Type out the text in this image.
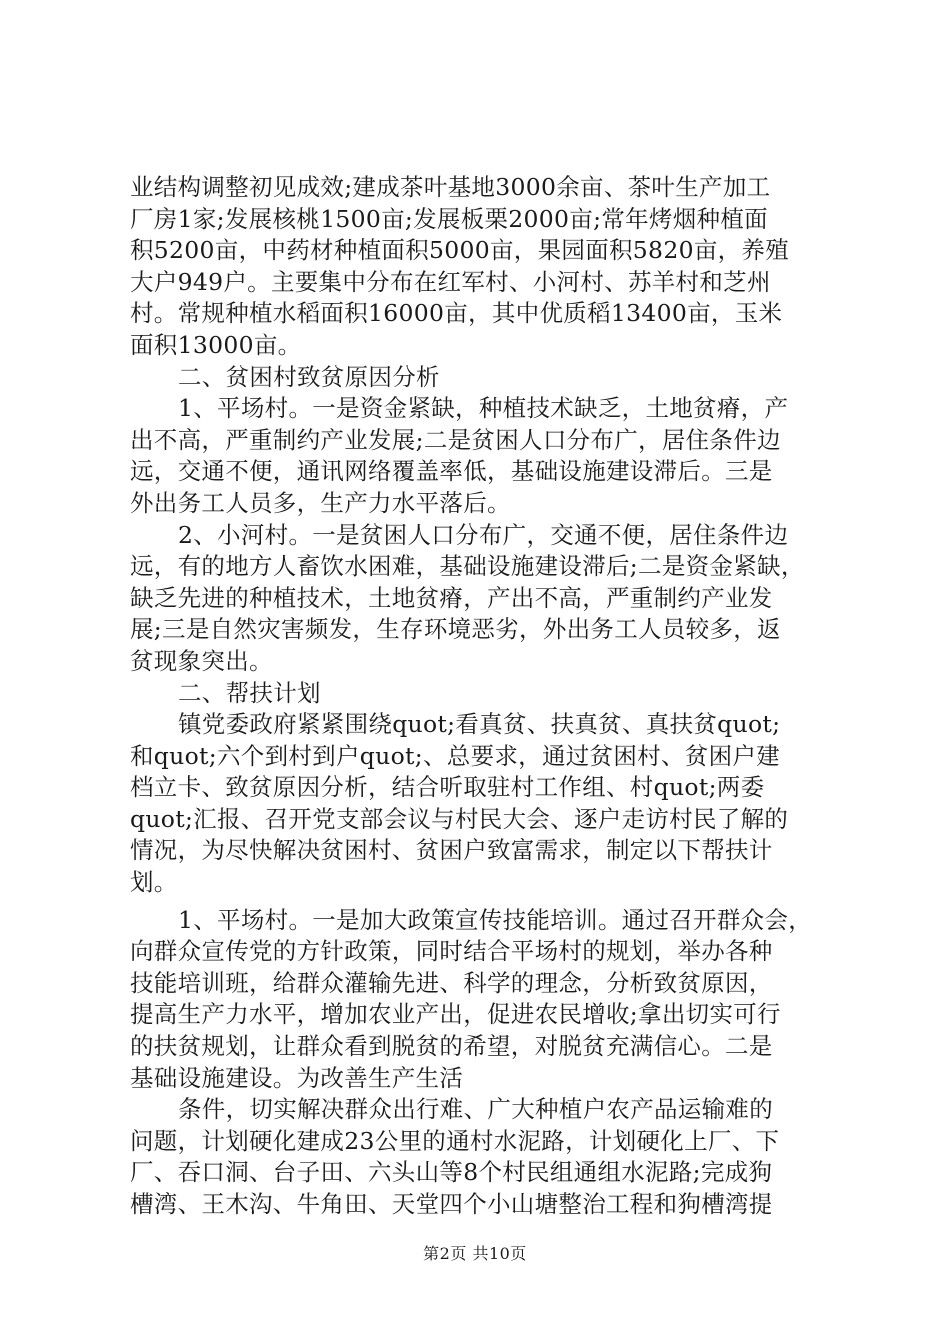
业结构调整初见成效;建成茶叶基地3000余亩、茶叶生产加工
厂房1家;发展核桃1500亩;发展板栗2000亩;常年烤烟种植面
积5200亩，中药材种植面积5000亩，果园面积5820亩，养殖
大户949户。主要集中分布在红军村、小河村、苏羊村和芝州
村。常规种植水稻面积16000亩，其中优质稻13400亩，玉米
面积13000亩。
二、贫困村致贫原因分析
1、平场村。一是资金紧缺，种植技术缺乏，土地贫瘠，产
出不高，严重制约产业发展;二是贫困人口分布广，居住条件边
远，交通不便，通讯网络覆盖率低，基础设施建设滞后。三是
外出务工人员多，生产力水平落后。
2、小河村。一是贫困人口分布广，交通不便，居住条件边
远，有的地方人畜饮水困难，基础设施建设滞后;二是资金紧缺，
缺乏先进的种植技术，土地贫瘠，产出不高，严重制约产业发
展;三是自然灾害频发，生存环境恶劣，外出务工人员较多，返
贫现象突出。
二、帮扶计划
镇党委政府紧紧围绕quot;看真贫、扶真贫、真扶贫quot;
和quot;六个到村到户quot;、总要求，通过贫困村、贫困户建
档立卡、致贫原因分析，结合听取驻村工作组、村quot;两委
quot;汇报、召开党支部会议与村民大会、逐户走访村民了解的
情况，为尽快解决贫困村、贫困户致富需求，制定以下帮扶计
划。
1、平场村。一是加大政策宣传技能培训。通过召开群众会，
向群众宣传党的方针政策，同时结合平场村的规划，举办各种
技能培训班，给群众灌输先进、科学的理念，分析致贫原因，
提高生产力水平，增加农业产出，促进农民增收;拿出切实可行
的扶贫规划，让群众看到脱贫的希望，对脱贫充满信心。二是
基础设施建设。为改善生产生活
条件，切实解决群众出行难、广大种植户农产品运输难的
问题，计划硬化建成23公里的通村水泥路，计划硬化上厂、下
厂、吞口洞、台子田、六头山等8个村民组通组水泥路;完成狗
槽湾、王木沟、牛角田、天堂四个小山塘整治工程和狗槽湾提
第2页 共10页
